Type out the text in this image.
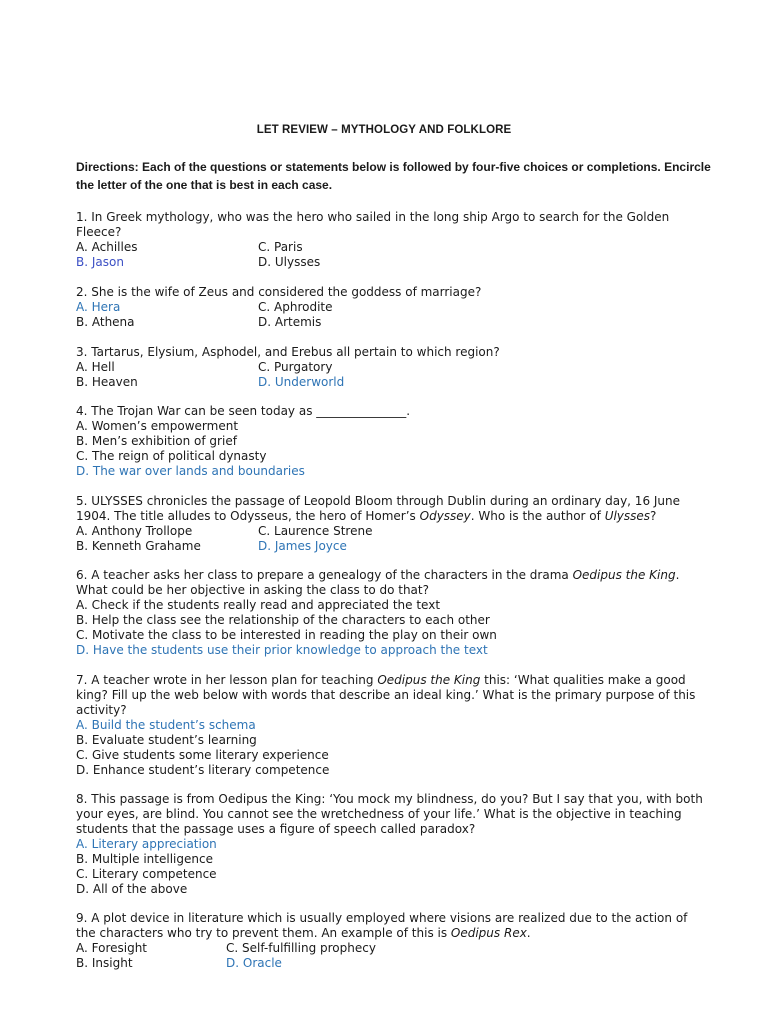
LET REVIEW – MYTHOLOGY AND FOLKLORE
Directions: Each of the questions or statements below is followed by four-five choices or completions. Encircle the letter of the one that is best in each case.
1. In Greek mythology, who was the hero who sailed in the long ship Argo to search for the Golden Fleece?
A. Achilles	C. Paris
B. Jason	D. Ulysses
2. She is the wife of Zeus and considered the goddess of marriage?
A. Hera	C. Aphrodite
B. Athena	D. Artemis
3. Tartarus, Elysium, Asphodel, and Erebus all pertain to which region?
A. Hell	C. Purgatory
B. Heaven	D. Underworld
4. The Trojan War can be seen today as _______________.
A. Women’s empowerment
B. Men’s exhibition of grief
C. The reign of political dynasty
D. The war over lands and boundaries
5. ULYSSES chronicles the passage of Leopold Bloom through Dublin during an ordinary day, 16 June 1904. The title alludes to Odysseus, the hero of Homer’s Odyssey. Who is the author of Ulysses?
A. Anthony Trollope	C. Laurence Strene
B. Kenneth Grahame	D. James Joyce
6. A teacher asks her class to prepare a genealogy of the characters in the drama Oedipus the King. What could be her objective in asking the class to do that?
A. Check if the students really read and appreciated the text
B. Help the class see the relationship of the characters to each other
C. Motivate the class to be interested in reading the play on their own
D. Have the students use their prior knowledge to approach the text
7. A teacher wrote in her lesson plan for teaching Oedipus the King this: ‘What qualities make a good king? Fill up the web below with words that describe an ideal king.’ What is the primary purpose of this activity?
A. Build the student’s schema
B. Evaluate student’s learning
C. Give students some literary experience
D. Enhance student’s literary competence
8. This passage is from Oedipus the King: ‘You mock my blindness, do you? But I say that you, with both your eyes, are blind. You cannot see the wretchedness of your life.’ What is the objective in teaching students that the passage uses a figure of speech called paradox?
A. Literary appreciation
B. Multiple intelligence
C. Literary competence
D. All of the above
9. A plot device in literature which is usually employed where visions are realized due to the action of the characters who try to prevent them. An example of this is Oedipus Rex.
A. Foresight	C. Self-fulfilling prophecy
B. Insight	D. Oracle
